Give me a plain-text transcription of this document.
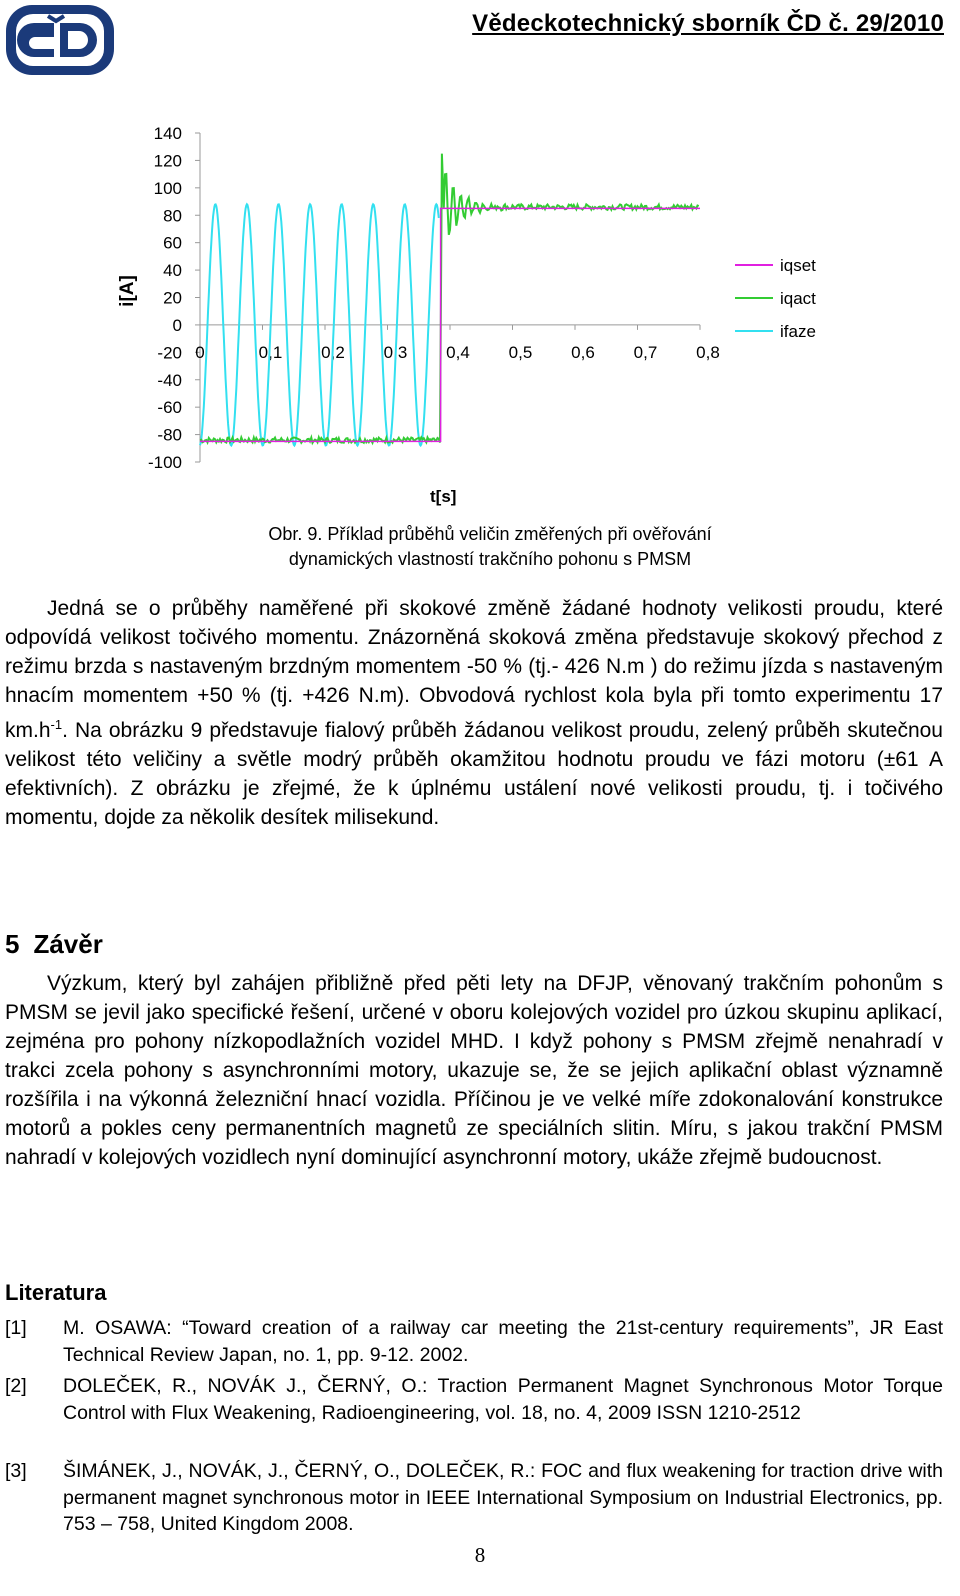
Vědeckotechnický sborník ČD č. 29/2010
140
120
100
80
60
40
20
0
-20
-40
-60
-80
-100
0	0,1 0,2 0,3 0,4 0,5 0,6 0,7 0,8
iqset
iqact
ifaze
i[A]
t[s]
Obr. 9. Příklad průběhů veličin změřených při ověřování
dynamických vlastností trakčního pohonu s PMSM

Jedná se o průběhy naměřené při skokové změně žádané hodnoty velikosti proudu, které odpovídá velikost točivého momentu. Znázorněná skoková změna představuje skokový přechod z režimu brzda s nastaveným brzdným momentem -50 % (tj.- 426 N.m ) do režimu jízda s nastaveným hnacím momentem +50 % (tj. +426 N.m). Obvodová rychlost kola byla při tomto experimentu 17 $km.h^{-1}$. Na obrázku 9 představuje fialový průběh žádanou velikost proudu, zelený průběh skutečnou velikost této veličiny a světle modrý průběh okamžitou hodnotu proudu ve fázi motoru (±61 A efektivních). Z obrázku je zřejmé, že k úplnému ustálení nové velikosti proudu, tj. i točivého momentu, dojde za několik desítek milisekund.

5 Závěr

Výzkum, který byl zahájen přibližně před pěti lety na DFJP, věnovaný trakčním pohonům s PMSM se jevil jako specifické řešení, určené v oboru kolejových vozidel pro úzkou skupinu aplikací, zejména pro pohony nízkopodlažních vozidel MHD. I když pohony s PMSM zřejmě nenahradí v trakci zcela pohony s asynchronními motory, ukazuje se, že se jejich aplikační oblast významně rozšířila i na výkonná železniční hnací vozidla. Příčinou je ve velké míře zdokonalování konstrukce motorů a pokles ceny permanentních magnetů ze speciálních slitin. Míru, s jakou trakční PMSM nahradí v kolejových vozidlech nyní dominující asynchronní motory, ukáže zřejmě budoucnost.

Literatura
[1] M. OSAWA: “Toward creation of a railway car meeting the 21st-century requirements”, JR East Technical Review Japan, no. 1, pp. 9-12. 2002.
[2] DOLEČEK, R., NOVÁK J., ČERNÝ, O.: Traction Permanent Magnet Synchronous Motor Torque Control with Flux Weakening, Radioengineering, vol. 18, no. 4, 2009 ISSN 1210-2512
[3] ŠIMÁNEK, J., NOVÁK, J., ČERNÝ, O., DOLEČEK, R.: FOC and flux weakening for traction drive with permanent magnet synchronous motor in IEEE International Symposium on Industrial Electronics, pp. 753 – 758, United Kingdom 2008.
8
